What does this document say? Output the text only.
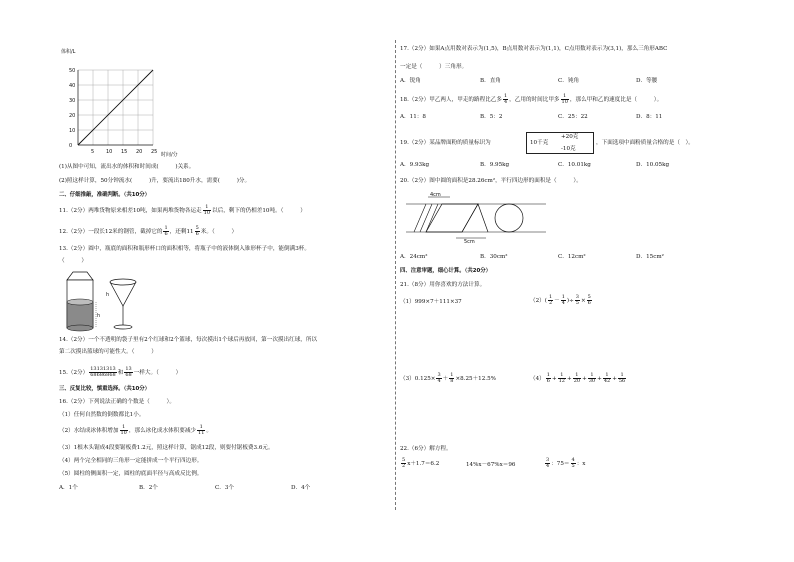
体积/L
50
40
30
20
10
0
5 10 15 20 25 时间/分
(1)从图中可知，流出水的体积和时间成(　　　)关系。
(2)照这样计算，50分钟流水(　　　)升，要流出180升水，需要(　　　)分。
二、仔细推敲，准确判断。（共10分）
11.（2分）两堆货物原来相差10吨，如果两堆货物各运走 $\frac{1}{10}$ 以后，剩下的仍相差10吨。（　　　）
12.（2分）一段长12米的钢管，截掉它的 $\frac{1}{6}$ ，还剩$11 \frac{5}{6}$ 米。（　　　）
13.（2分）圆中，瓶底的面积和瓶形杯口的面积相等，将瓶子中的液体倒入锥形杯子中，能倒满3杯。
（　　　）
h
h
14.（2分）一个不透明的袋子里有2个红球和2个篮球，每次摸出1个球后再放回，第一次摸出红球，所以
第二次摸出篮球的可能性大。（　　　）
15.（2分） $\frac{13131313}{68686868}$ 和 $\frac{13}{68}$ 一样大。（　　　）
三、反复比较，慎重选择。（共10分）
16.（2分）下列说法正确的个数是（　　　）。
（1）任何自然数的倒数都比1小。
（2）水结成冰体积增加 $\frac{1}{10}$ ，那么冰化成水体积要减少 $\frac{1}{11}$ 。
（3）1根木头锯成4段要锯板费1.2元，照这样计算，锯成12段，则要付锯板费3.6元。
（4）两个完全相同的三角形一定能拼成一个平行四边形。
（5）圆柱的侧面积一定，圆柱的底面半径与高成反比例。
A．1个	B．2个	C．3个	D．4个
17.（2分）如果A点用数对表示为(1,5)，B点用数对表示为(1,1)，C点用数对表示为(3,1)，那么三角形ABC
一定是（　　　）三角形。
A．锐角	B．直角	C．钝角	D．等腰
18.（2分）甲乙两人，甲走的路程比乙多 $\frac{1}{4}$ ，乙用的时间比甲多 $\frac{1}{10}$ ，那么甲和乙的速度比是（　　　）。
A．11：8	B．5：2	C．25：22	D．8：11
19.（2分）某品牌面粉的质量标识为	10千克
+20克
-10克
，下面选项中面粉质量合格的是（　）。
A．9.93kg	B．9.95kg	C．10.01kg	D．10.05kg
20.（2分）图中圆的面积是28.26cm²，平行四边形的面积是（　　　）。
4cm
5cm
A．24cm²	B．30cm²	C．12cm²	D．15cm²
四、注意审题，细心计算。（共20分）
21.（8分）用你喜欢的方法计算。
（1）999×7＋111×37	$(2)( \frac{1}{2} - \frac{1}{4}$ )÷ $\frac{3}{5} \times \frac{5}{6}$
$(3)0.125\times \frac{3}{4} + \frac{1}{8} \times 8.25+12.5\%$	$(4) \frac{1}{6} + \frac{1}{12} + \frac{1}{20} + \frac{1}{30} + \frac{1}{42} + \frac{1}{56}$
22.（6分）解方程。
$\frac{5}{2} x+1.7=6.2$	14%x－67%x＝96	$\frac{3}{4}$ ：$75= \frac{4}{5}$ ：x
